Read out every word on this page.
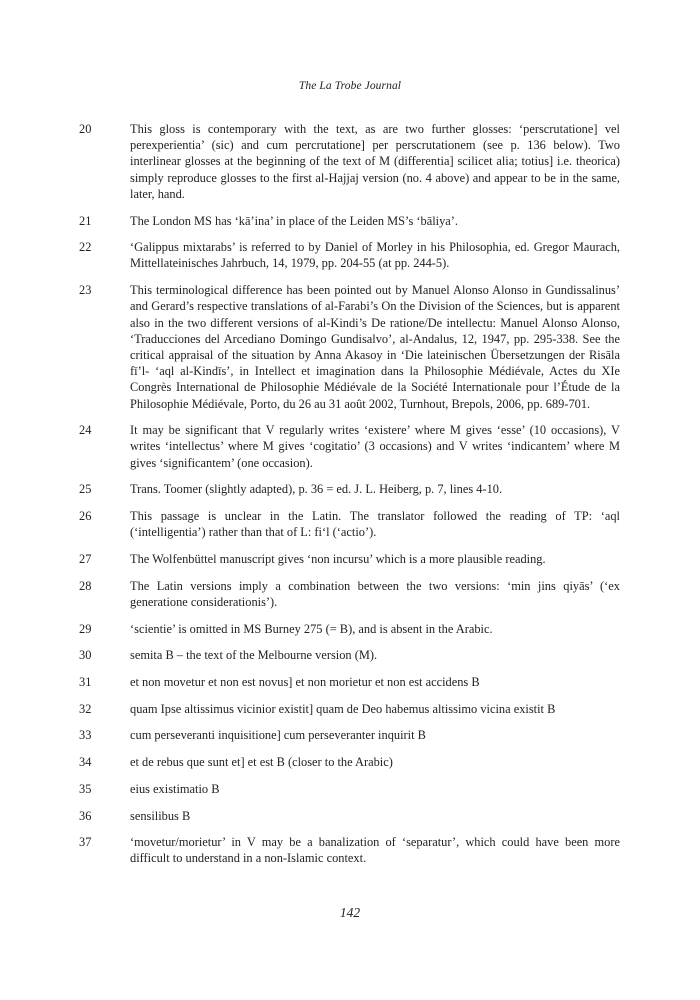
The La Trobe Journal
20	This gloss is contemporary with the text, as are two further glosses: ‘perscrutatione] vel perexperientia’ (sic) and cum percrutatione] per perscrutationem (see p. 136 below). Two interlinear glosses at the beginning of the text of M (differentia] scilicet alia; totius] i.e. theorica) simply reproduce glosses to the first al-Hajjaj version (no. 4 above) and appear to be in the same, later, hand.
21	The London MS has ‘kā’ina’ in place of the Leiden MS’s ‘bāliya’.
22	‘Galippus mixtarabs’ is referred to by Daniel of Morley in his Philosophia, ed. Gregor Maurach, Mittellateinisches Jahrbuch, 14, 1979, pp. 204-55 (at pp. 244-5).
23	This terminological difference has been pointed out by Manuel Alonso Alonso in Gundissalinus’ and Gerard’s respective translations of al-Farabi’s On the Division of the Sciences, but is apparent also in the two different versions of al-Kindi’s De ratione/De intellectu: Manuel Alonso Alonso, ‘Traducciones del Arcediano Domingo Gundisalvo’, al-Andalus, 12, 1947, pp. 295-338. See the critical appraisal of the situation by Anna Akasoy in ‘Die lateinischen Übersetzungen der Risāla fī’l- ‘aql al-Kindīs’, in Intellect et imagination dans la Philosophie Médiévale, Actes du XIe Congrès International de Philosophie Médiévale de la Société Internationale pour l’Étude de la Philosophie Médiévale, Porto, du 26 au 31 août 2002, Turnhout, Brepols, 2006, pp. 689-701.
24	It may be significant that V regularly writes ‘existere’ where M gives ‘esse’ (10 occasions), V writes ‘intellectus’ where M gives ‘cogitatio’ (3 occasions) and V writes ‘indicantem’ where M gives ‘significantem’ (one occasion).
25	Trans. Toomer (slightly adapted), p. 36 = ed. J. L. Heiberg, p. 7, lines 4-10.
26	This passage is unclear in the Latin. The translator followed the reading of TP: ‘aql (‘intelligentia’) rather than that of L: fi‘l (‘actio’).
27	The Wolfenbüttel manuscript gives ‘non incursu’ which is a more plausible reading.
28	The Latin versions imply a combination between the two versions: ‘min jins qiyās’ (‘ex generatione considerationis’).
29	‘scientie’ is omitted in MS Burney 275 (= B), and is absent in the Arabic.
30	semita B – the text of the Melbourne version (M).
31	et non movetur et non est novus] et non morietur et non est accidens B
32	quam Ipse altissimus vicinior existit] quam de Deo habemus altissimo vicina existit B
33	cum perseveranti inquisitione] cum perseveranter inquirit B
34	et de rebus que sunt et] et est B (closer to the Arabic)
35	eius existimatio B
36	sensilibus B
37	‘movetur/morietur’ in V may be a banalization of ‘separatur’, which could have been more difficult to understand in a non-Islamic context.
142
